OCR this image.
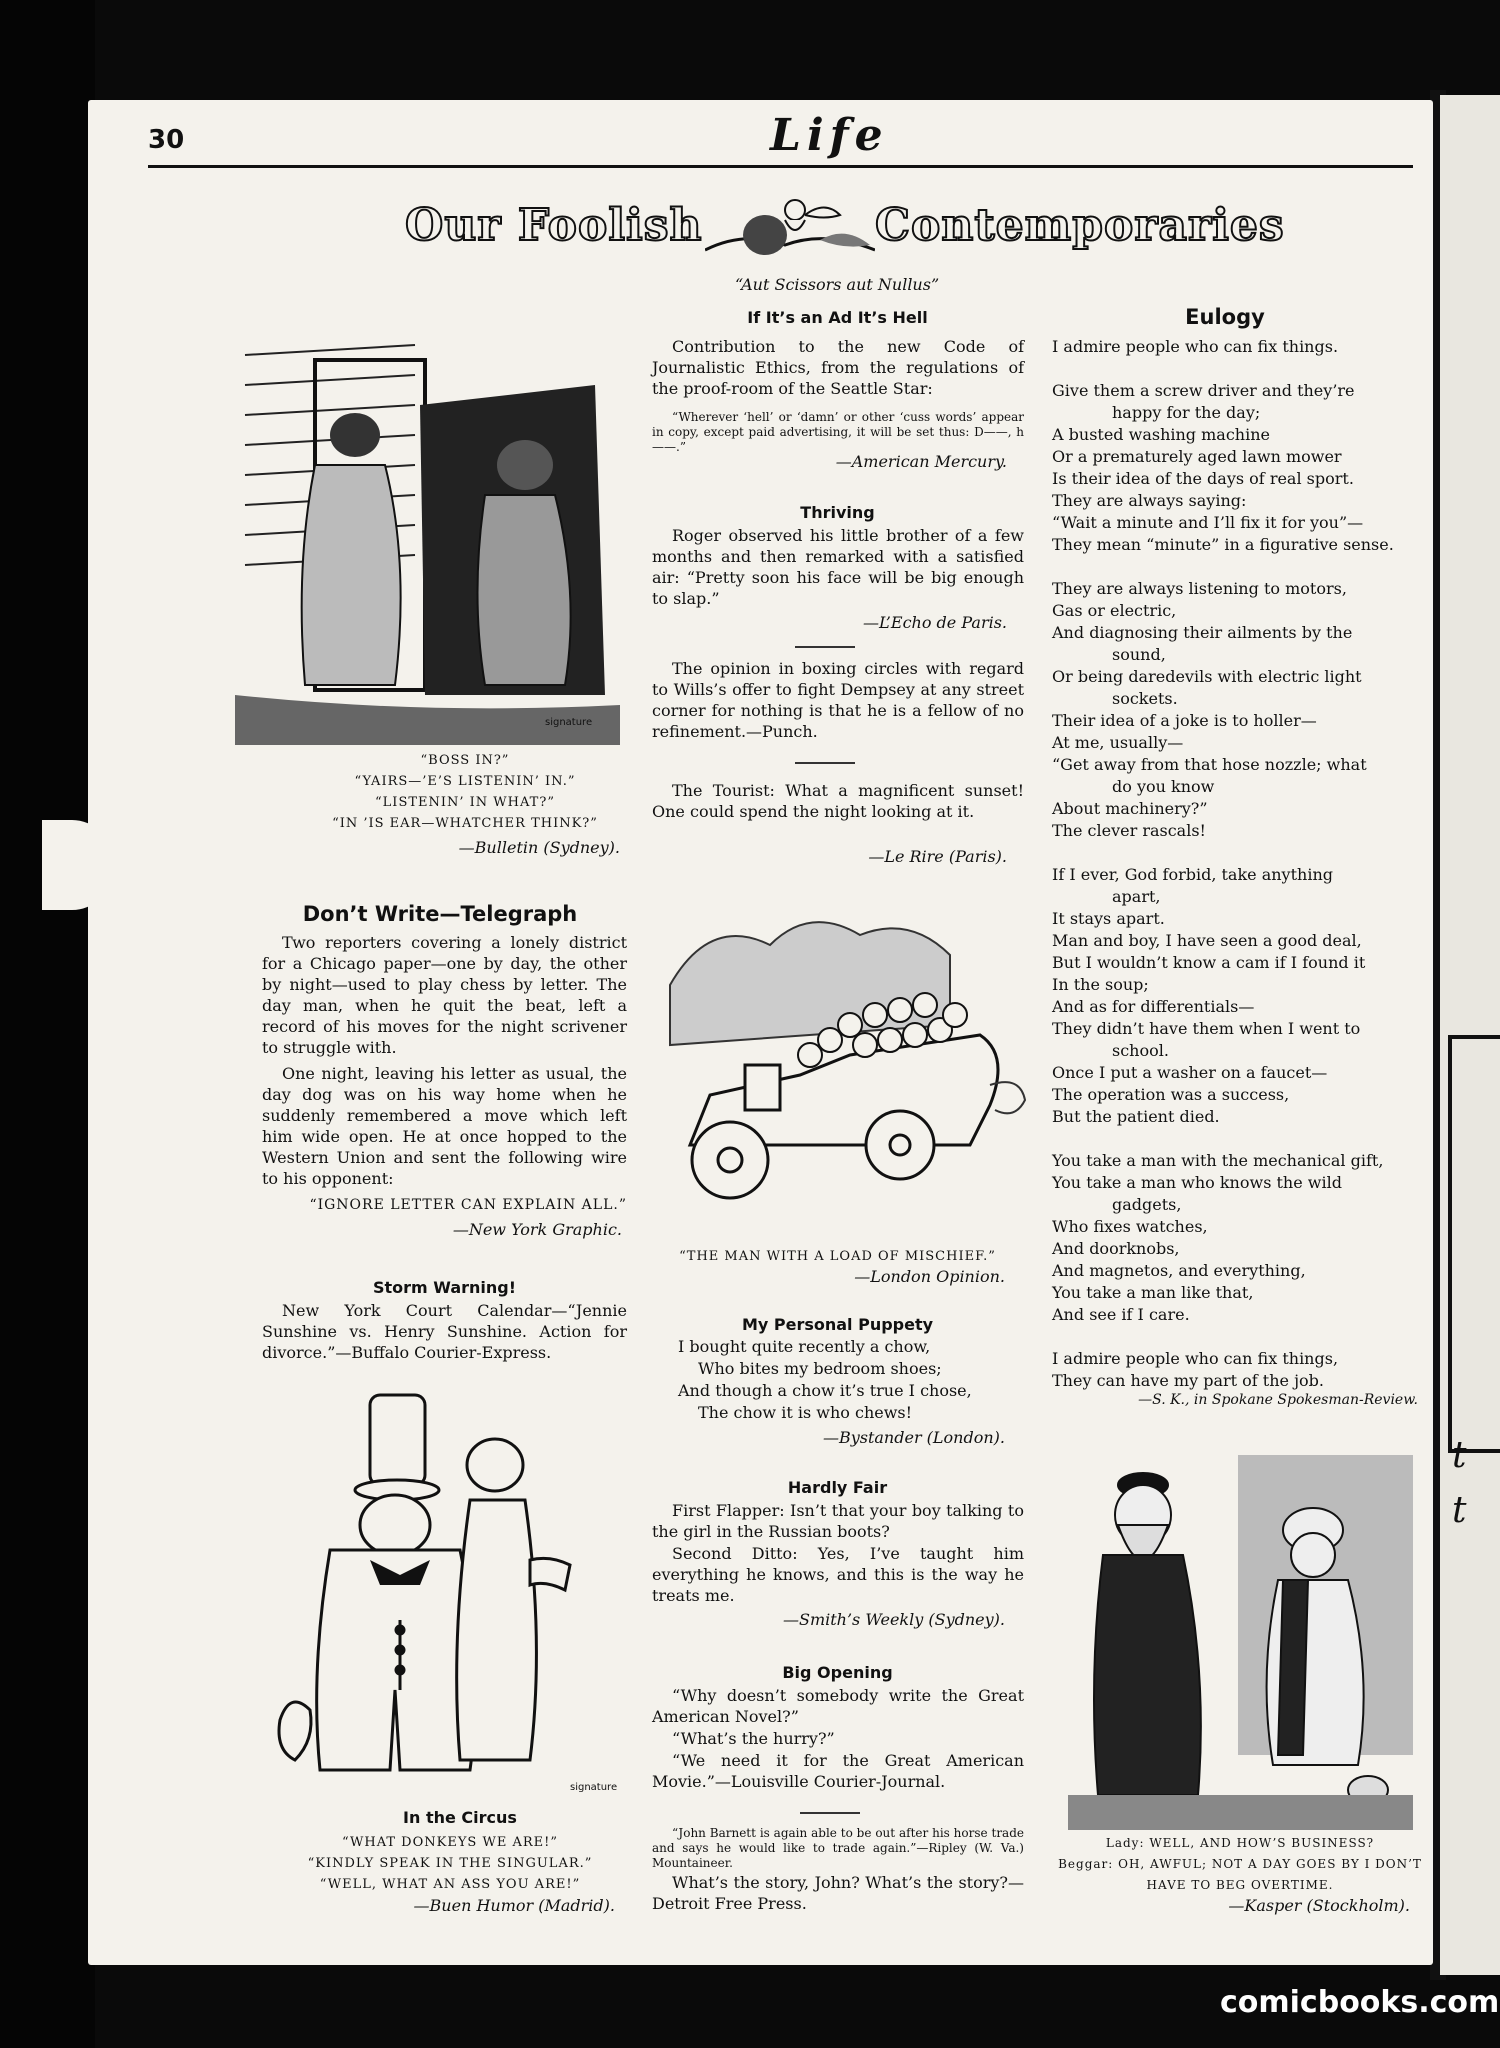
t
t
30	Life
Our Foolish	Contemporaries
“Aut Scissors aut Nullus”
signature
“BOSS IN?”
“YAIRS—’E’S LISTENIN’ IN.”
“LISTENIN’ IN WHAT?”
“IN ’IS EAR—WHATCHER THINK?”
—Bulletin (Sydney).
Don’t Write—Telegraph
Two reporters covering a lonely district for a Chicago paper—one by day, the other by night—used to play chess by letter. The day man, when he quit the beat, left a record of his moves for the night scrivener to struggle with.
One night, leaving his letter as usual, the day dog was on his way home when he suddenly remembered a move which left him wide open. He at once hopped to the Western Union and sent the following wire to his opponent:
“IGNORE LETTER CAN EXPLAIN ALL.”
—New York Graphic.
Storm Warning!
New York Court Calendar—“Jennie Sunshine vs. Henry Sunshine. Action for divorce.”—Buffalo Courier-Express.
signature
In the Circus
“WHAT DONKEYS WE ARE!”
“KINDLY SPEAK IN THE SINGULAR.”
“WELL, WHAT AN ASS YOU ARE!”
—Buen Humor (Madrid).
If It’s an Ad It’s Hell
Contribution to the new Code of Journalistic Ethics, from the regulations of the proof-room of the Seattle Star:
“Wherever ‘hell’ or ‘damn’ or other ‘cuss words’ appear in copy, except paid advertising, it will be set thus: D——, h——.”
—American Mercury.
Thriving
Roger observed his little brother of a few months and then remarked with a satisfied air: “Pretty soon his face will be big enough to slap.”
—L’Echo de Paris.
The opinion in boxing circles with regard to Wills’s offer to fight Dempsey at any street corner for nothing is that he is a fellow of no refinement.—Punch.
The Tourist: What a magnificent sunset! One could spend the night looking at it.
—Le Rire (Paris).
“THE MAN WITH A LOAD OF MISCHIEF.”
—London Opinion.
My Personal Puppety
I bought quite recently a chow,
Who bites my bedroom shoes;
And though a chow it’s true I chose,
The chow it is who chews!
—Bystander (London).
Hardly Fair
First Flapper: Isn’t that your boy talking to the girl in the Russian boots?
Second Ditto: Yes, I’ve taught him everything he knows, and this is the way he treats me.
—Smith’s Weekly (Sydney).
Big Opening
“Why doesn’t somebody write the Great American Novel?”
“What’s the hurry?”
“We need it for the Great American Movie.”—Louisville Courier-Journal.
“John Barnett is again able to be out after his horse trade and says he would like to trade again.”—Ripley (W. Va.) Mountaineer.
What’s the story, John? What’s the story?—Detroit Free Press.
Eulogy
I admire people who can fix things.
Give them a screw driver and they’re
happy for the day;
A busted washing machine
Or a prematurely aged lawn mower
Is their idea of the days of real sport.
They are always saying:
“Wait a minute and I’ll fix it for you”—
They mean “minute” in a figurative sense.
They are always listening to motors,
Gas or electric,
And diagnosing their ailments by the
sound,
Or being daredevils with electric light
sockets.
Their idea of a joke is to holler—
At me, usually—
“Get away from that hose nozzle; what
do you know
About machinery?”
The clever rascals!
If I ever, God forbid, take anything
apart,
It stays apart.
Man and boy, I have seen a good deal,
But I wouldn’t know a cam if I found it
In the soup;
And as for differentials—
They didn’t have them when I went to
school.
Once I put a washer on a faucet—
The operation was a success,
But the patient died.
You take a man with the mechanical gift,
You take a man who knows the wild
gadgets,
Who fixes watches,
And doorknobs,
And magnetos, and everything,
You take a man like that,
And see if I care.
I admire people who can fix things,
They can have my part of the job.
—S. K., in Spokane Spokesman-Review.
Lady: WELL, AND HOW’S BUSINESS?
Beggar: OH, AWFUL; NOT A DAY GOES BY I DON’T HAVE TO BEG OVERTIME.
—Kasper (Stockholm).
comicbooks.com
